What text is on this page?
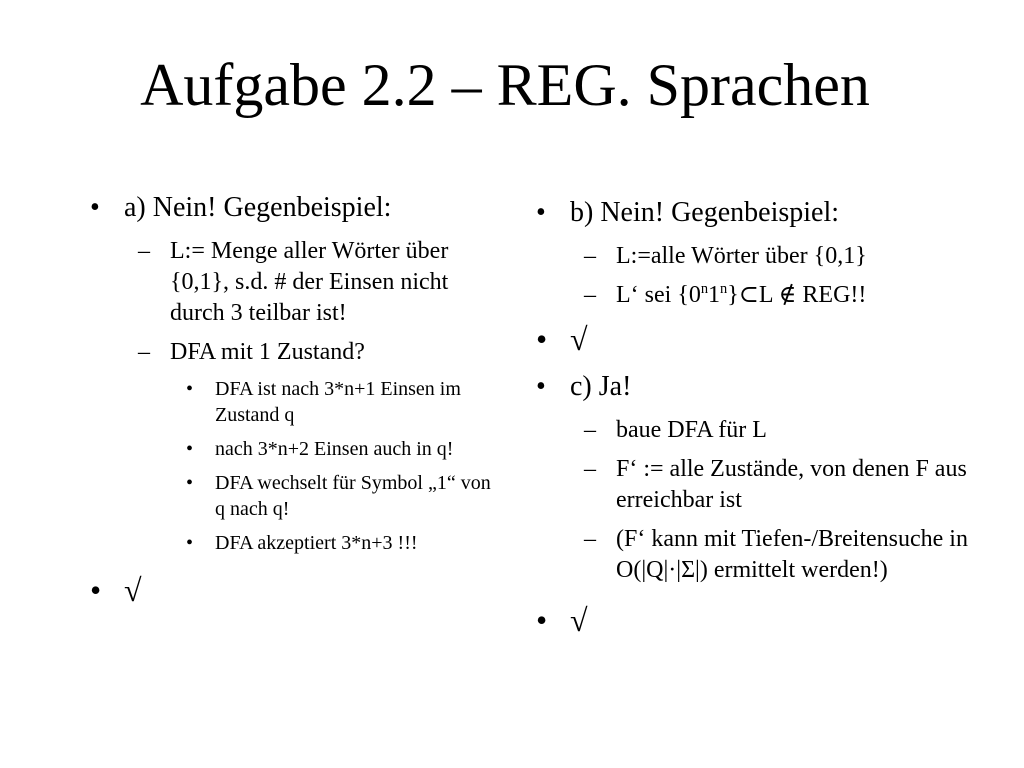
Aufgabe 2.2 – REG. Sprachen
• a) Nein! Gegenbeispiel:
– L:= Menge aller Wörter über {0,1}, s.d. # der Einsen nicht durch 3 teilbar ist!
– DFA mit 1 Zustand?
• DFA ist nach 3*n+1 Einsen im Zustand q
• nach 3*n+2 Einsen auch in q!
• DFA wechselt für Symbol „1“ von q nach q!
• DFA akzeptiert 3*n+3 !!!
• √
• b) Nein! Gegenbeispiel:
– L:=alle Wörter über {0,1}
– L‘ sei {0$^n$1$^n$}⊂L ∉ REG!!
• √
• c) Ja!
– baue DFA für L
– F‘ := alle Zustände, von denen F aus erreichbar ist
– (F‘ kann mit Tiefen-/Breitensuche in O(|Q|·|Σ|) ermittelt werden!)
• √
